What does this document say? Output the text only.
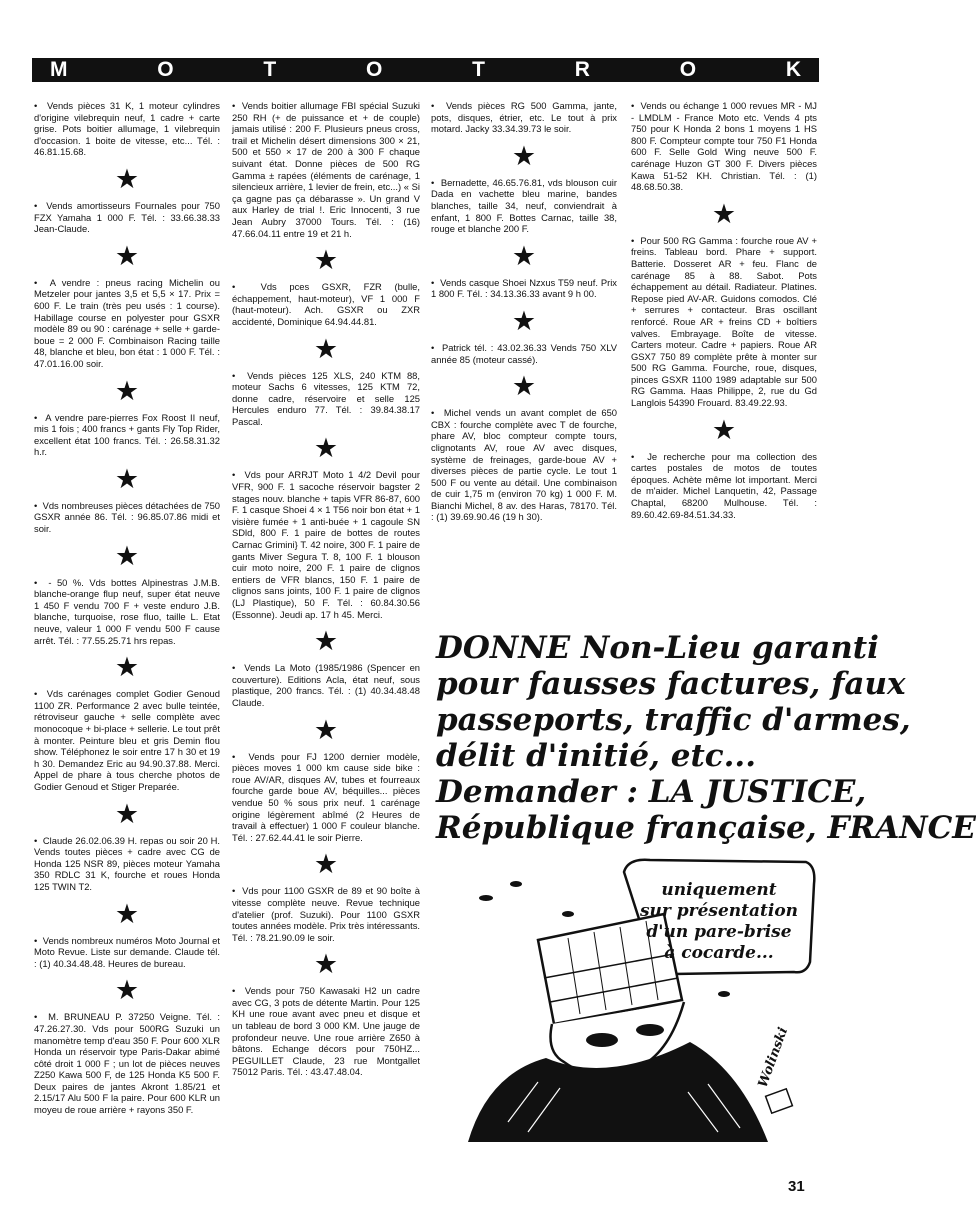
M	O	T	O	T	R	O	K

•  Vends pièces 31 K, 1 moteur cylindres d'origine vilebrequin neuf, 1 cadre + carte grise. Pots boitier allumage, 1 vilebrequin d'occasion. 1 boite de vitesse, etc... Tél. : 46.81.15.68.

★

•  Vends amortisseurs Fournales pour 750 FZX Yamaha 1 000 F. Tél. : 33.66.38.33 Jean-Claude.

★

•  A vendre : pneus racing Michelin ou Metzeler pour jantes 3,5 et 5,5 × 17. Prix = 600 F. Le train (très peu usés : 1 course). Habillage course en polyester pour GSXR modèle 89 ou 90 : carénage + selle + garde-boue = 2 000 F. Combinaison Racing taille 48, blanche et bleu, bon état : 1 000 F. Tél. : 47.01.16.00 soir.

★

•  A vendre pare-pierres Fox Roost II neuf, mis 1 fois ; 400 francs + gants Fly Top Rider, excellent état 100 francs. Tél. : 26.58.31.32 h.r.

★

•  Vds nombreuses pièces détachées de 750 GSXR année 86. Tél. : 96.85.07.86 midi et soir.

★

•  - 50 %. Vds bottes Alpinestras J.M.B. blanche-orange flup neuf, super état neuve 1 450 F vendu 700 F + veste enduro J.B. blanche, turquoise, rose fluo, taille L. Etat neuve, valeur 1 000 F vendu 500 F cause arrêt. Tél. : 77.55.25.71 hrs repas.

★

•  Vds carénages complet Godier Genoud 1100 ZR. Performance 2 avec bulle teintée, rétroviseur gauche + selle complète avec monocoque + bi-place + sellerie. Le tout prêt à monter. Peinture bleu et gris Demin flou show. Téléphonez le soir entre 17 h 30 et 19 h 30. Demandez Eric au 94.90.37.88. Merci. Appel de phare à tous cherche photos de Godier Genoud et Stiger Preparée.

★

•  Claude 26.02.06.39 H. repas ou soir 20 H. Vends toutes pièces + cadre avec CG de Honda 125 NSR 89, pièces moteur Yamaha 350 RDLC 31 K, fourche et roues Honda 125 TWIN T2.

★

•  Vends nombreux numéros Moto Journal et Moto Revue. Liste sur demande. Claude tél. : (1) 40.34.48.48. Heures de bureau.

★

•  M. BRUNEAU P. 37250 Veigne. Tél. : 47.26.27.30. Vds pour 500RG Suzuki un manomètre temp d'eau 350 F. Pour 600 XLR Honda un réservoir type Paris-Dakar abimé côté droit 1 000 F ; un lot de pièces neuves Z250 Kawa 500 F, de 125 Honda K5 500 F. Deux paires de jantes Akront 1.85/21 et 2.15/17 Alu 500 F la paire. Pour 600 KLR un moyeu de roue arrière + rayons 350 F.

•  Vends boitier allumage FBI spécial Suzuki 250 RH (+ de puissance et + de couple) jamais utilisé : 200 F. Plusieurs pneus cross, trail et Michelin désert dimensions 300 × 21, 500 et 550 × 17 de 200 à 300 F chaque suivant état. Donne pièces de 500 RG Gamma ± rapées (éléments de carénage, 1 silencieux arrière, 1 levier de frein, etc...) « Si ça gagne pas ça débarasse ». Un grand V aux Harley de trial !. Eric Innocenti, 3 rue Jean Aubry 37000 Tours. Tél. : (16) 47.66.04.11 entre 19 et 21 h.

★

•  Vds pces GSXR, FZR (bulle, échappement, haut-moteur), VF 1 000 F (haut-moteur). Ach. GSXR ou ZXR accidenté, Dominique 64.94.44.81.

★

•  Vends pièces 125 XLS, 240 KTM 88, moteur Sachs 6 vitesses, 125 KTM 72, donne cadre, réservoire et selle 125 Hercules enduro 77. Tél. : 39.84.38.17 Pascal.

★

•  Vds pour ARRJT Moto 1 4/2 Devil pour VFR, 900 F. 1 sacoche réservoir bagster 2 stages nouv. blanche + tapis VFR 86-87, 600 F. 1 casque Shoei 4 × 1 T56 noir bon état + 1 visière fumée + 1 anti-buée + 1 cagoule SN SDld, 800 F. 1 paire de bottes de routes Carnac Grimini} T. 42 noire, 300 F. 1 paire de gants Miver Segura T. 8, 100 F. 1 blouson cuir moto noire, 200 F. 1 paire de clignos entiers de VFR blancs, 150 F. 1 paire de clignos sans joints, 100 F. 1 paire de clignos (LJ Plastique), 50 F. Tél. : 60.84.30.56 (Essonne). Jeudi ap. 17 h 45. Merci.

★

•  Vends La Moto (1985/1986 (Spencer en couverture). Editions Acla, état neuf, sous plastique, 200 francs. Tél. : (1) 40.34.48.48 Claude.

★

•  Vends pour FJ 1200 dernier modèle, pièces moves 1 000 km cause side bike : roue AV/AR, disques AV, tubes et fourreaux fourche garde boue AV, béquilles... pièces vendue 50 % sous prix neuf. 1 carénage origine légèrement abîmé (2 Heures de travail à effectuer) 1 000 F couleur blanche. Tél. : 27.62.44.41 le soir Pierre.

★

•  Vds pour 1100 GSXR de 89 et 90 boîte à vitesse complète neuve. Revue technique d'atelier (prof. Suzuki). Pour 1100 GSXR toutes années modèle. Prix très intéressants. Tél. : 78.21.90.09 le soir.

★

•  Vends pour 750 Kawasaki H2 un cadre avec CG, 3 pots de détente Martin. Pour 125 KH une roue avant avec pneu et disque et un tableau de bord 3 000 KM. Une jauge de profondeur neuve. Une roue arrière Z650 à bâtons. Echange décors pour 750HZ... PEGUILLET Claude, 23 rue Montgallet 75012 Paris. Tél. : 43.47.48.04.

•  Vends pièces RG 500 Gamma, jante, pots, disques, étrier, etc. Le tout à prix motard. Jacky 33.34.39.73 le soir.

★

•  Bernadette, 46.65.76.81, vds blouson cuir Dada en vachette bleu marine, bandes blanches, taille 34, neuf, conviendrait à enfant, 1 800 F. Bottes Carnac, taille 38, rouge et blanche 200 F.

★

•  Vends casque Shoei Nzxus T59 neuf. Prix 1 800 F. Tél. : 34.13.36.33 avant 9 h 00.

★

•  Patrick tél. : 43.02.36.33 Vends 750 XLV année 85 (moteur cassé).

★

•  Michel vends un avant complet de 650 CBX : fourche complète avec T de fourche, phare AV, bloc compteur compte tours, clignotants AV, roue AV avec disques, système de freinages, garde-boue AV + diverses pièces de partie cycle. Le tout 1 500 F ou vente au détail. Une combinaison de cuir 1,75 m (environ 70 kg) 1 000 F. M. Bianchi Michel, 8 av. des Haras, 78170. Tél. : (1) 39.69.90.46 (19 h 30).

•  Vends ou échange 1 000 revues MR - MJ - LMDLM - France Moto etc. Vends 4 pts 750 pour K Honda 2 bons 1 moyens 1 HS 800 F. Compteur compte tour 750 F1 Honda 600 F. Selle Gold Wing neuve 500 F. carénage Huzon GT 300 F. Divers pièces Kawa 51-52 KH. Christian. Tél. : (1) 48.68.50.38.

★

•  Pour 500 RG Gamma : fourche roue AV + freins. Tableau bord. Phare + support. Batterie. Dosseret AR + feu. Flanc de carénage 85 à 88. Sabot. Pots échappement au détail. Radiateur. Platines. Repose pied AV-AR. Guidons comodos. Clé + serrures + contacteur. Bras oscillant renforcé. Roue AR + freins CD + boîtiers valves. Embrayage. Boîte de vitesse. Carters moteur. Cadre + papiers. Roue AR GSX7 750 89 complète prête à monter sur 500 RG Gamma. Fourche, roue, disques, pinces GSXR 1100 1989 adaptable sur 500 RG Gamma. Haas Philippe, 2, rue du Gd Langlois 54390 Frouard. 83.49.22.93.

★

•  Je recherche pour ma collection des cartes postales de motos de toutes époques. Achète même lot important. Merci de m'aider. Michel Lanquetin, 42, Passage Chaptal, 68200 Mulhouse. Tél. : 89.60.42.69-84.51.34.33.

DONNE Non-Lieu garanti
pour fausses factures, faux
passeports, traffic d'armes,
délit d'initié, etc...
Demander : LA JUSTICE,
République française, FRANCE
uniquement
sur présentation
d'un pare-brise
à cocarde...
Wolinski
31
